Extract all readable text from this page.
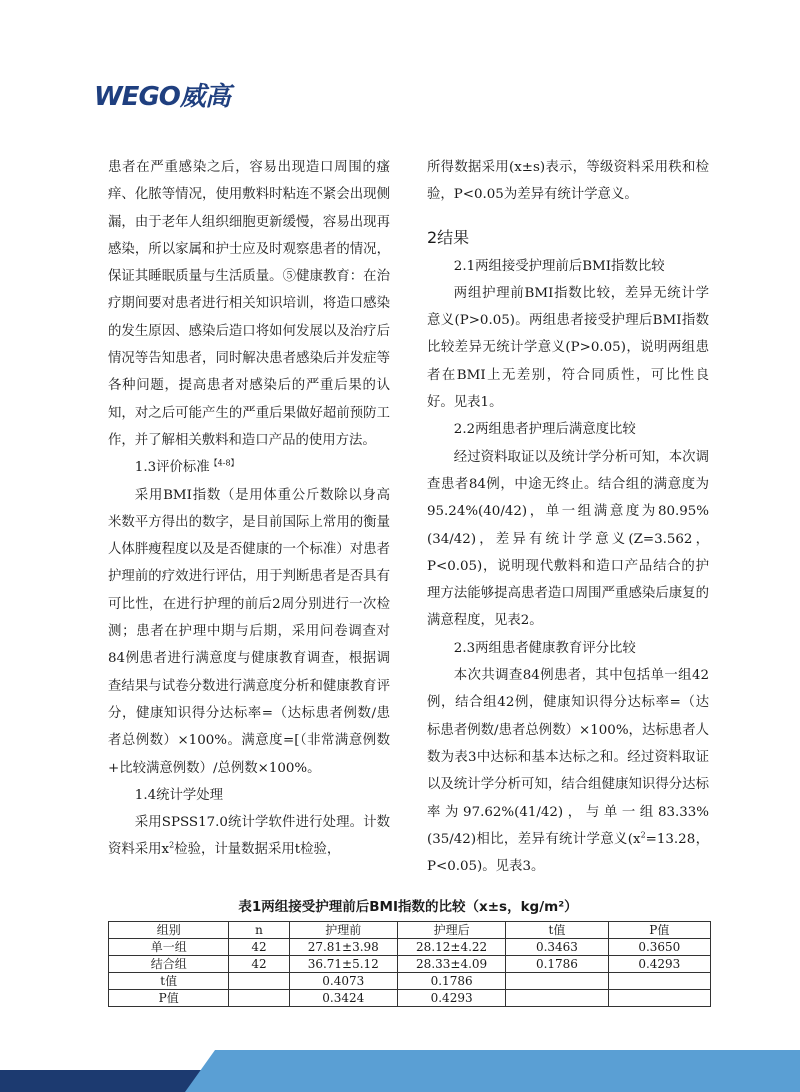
WEGO威高

患者在严重感染之后，容易出现造口周围的瘙痒、化脓等情况，使用敷料时粘连不紧会出现侧漏，由于老年人组织细胞更新缓慢，容易出现再感染，所以家属和护士应及时观察患者的情况，保证其睡眠质量与生活质量。⑤健康教育：在治疗期间要对患者进行相关知识培训，将造口感染的发生原因、感染后造口将如何发展以及治疗后情况等告知患者，同时解决患者感染后并发症等各种问题，提高患者对感染后的严重后果的认知，对之后可能产生的严重后果做好超前预防工作，并了解相关敷料和造口产品的使用方法。

1.3评价标准$^{【4-8】}$

采用BMI指数（是用体重公斤数除以身高米数平方得出的数字，是目前国际上常用的衡量人体胖瘦程度以及是否健康的一个标准）对患者护理前的疗效进行评估，用于判断患者是否具有可比性，在进行护理的前后2周分别进行一次检测；患者在护理中期与后期，采用问卷调查对84例患者进行满意度与健康教育调查，根据调查结果与试卷分数进行满意度分析和健康教育评分，健康知识得分达标率=（达标患者例数/患者总例数）×100%。满意度=[（非常满意例数+比较满意例数）/总例数×100%。

1.4统计学处理

采用SPSS17.0统计学软件进行处理。计数资料采用$x^2$检验，计量数据采用t检验，

所得数据采用(x±s)表示，等级资料采用秩和检验，P<0.05为差异有统计学意义。

2结果

2.1两组接受护理前后BMI指数比较

两组护理前BMI指数比较，差异无统计学意义(P>0.05)。两组患者接受护理后BMI指数比较差异无统计学意义(P>0.05)，说明两组患者在BMI上无差别，符合同质性，可比性良好。见表1。

2.2两组患者护理后满意度比较

经过资料取证以及统计学分析可知，本次调查患者84例，中途无终止。结合组的满意度为95.24%(40/42)，单一组满意度为80.95%(34/42)，差异有统计学意义(Z=3.562，P<0.05)，说明现代敷料和造口产品结合的护理方法能够提高患者造口周围严重感染后康复的满意程度，见表2。

2.3两组患者健康教育评分比较

本次共调查84例患者，其中包括单一组42例，结合组42例，健康知识得分达标率=（达标患者例数/患者总例数）×100%，达标患者人数为表3中达标和基本达标之和。经过资料取证以及统计学分析可知，结合组健康知识得分达标率为97.62%(41/42)，与单一组83.33%(35/42)相比，差异有统计学意义($x^2=13.28$，P<0.05)。见表3。

表1两组接受护理前后BMI指数的比较（x±s，kg/m²）
组别	n	护理前	护理后	t值	P值
单一组	42	27.81±3.98	28.12±4.22	0.3463	0.3650
结合组	42	36.71±5.12	28.33±4.09	0.1786	0.4293
t值		0.4073	0.1786		
P值		0.3424	0.4293		
